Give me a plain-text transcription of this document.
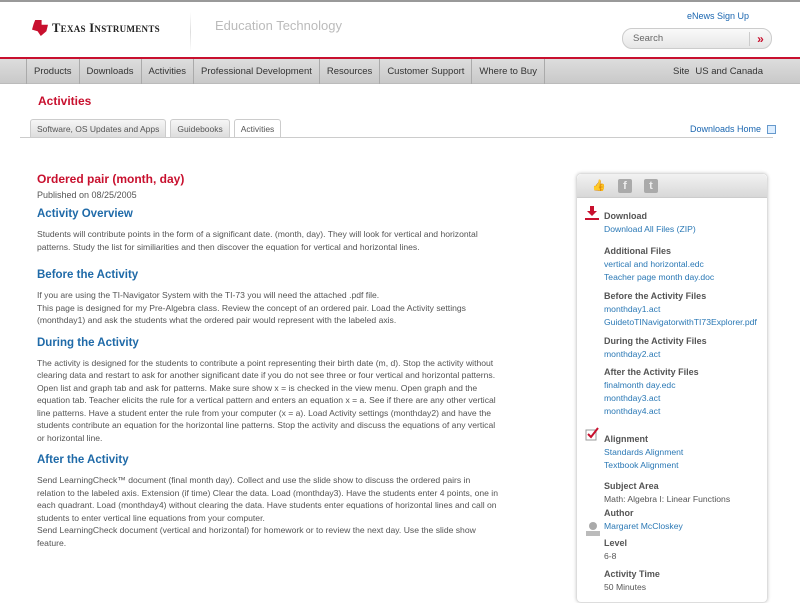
Texas Instruments	Education Technology
eNews Sign Up
Search	»
Products	Downloads	Activities	Professional Development	Resources	Customer Support	Where to Buy	Site US and Canada
Activities
Software, OS Updates and Apps	Guidebooks	Activities	Downloads Home
Ordered pair (month, day)
Published on 08/25/2005
Activity Overview
Students will contribute points in the form of a significant date. (month, day). They will look for vertical and horizontal
patterns. Study the list for similiarities and then discover the equation for vertical and horizontal lines.
Before the Activity
If you are using the TI-Navigator System with the TI-73 you will need the attached .pdf file.
This page is designed for my Pre-Algebra class. Review the concept of an ordered pair. Load the Activity settings
(monthday1) and ask the students what the ordered pair would represent with the labeled axis.
During the Activity
The activity is designed for the students to contribute a point representing their birth date (m, d). Stop the activity without
clearing data and restart to ask for another significant date if you do not see three or four vertical and horizontal patterns.
Open list and graph tab and ask for patterns. Make sure show x = is checked in the view menu. Open graph and the
equation tab. Teacher elicits the rule for a vertical pattern and enters an equation x = a. See if there are any other vertical
line patterns. Have a student enter the rule from your computer (x = a). Load Activity settings (monthday2) and have the
students contribute an equation for the horizontal line patterns. Stop the activity and discuss the equations of any vertical
or horizontal line.
After the Activity
Send LearningCheck™ document (final month day). Collect and use the slide show to discuss the ordered pairs in
relation to the labeled axis. Extension (if time) Clear the data. Load (monthday3). Have the students enter 4 points, one in
each quadrant. Load (monthday4) without clearing the data. Have students enter equations of horizontal lines and call on
students to enter vertical line equations from your computer.
Send LearningCheck document (vertical and horizontal) for homework or to review the next day. Use the slide show
feature.
👍	f	t
Download
Download All Files (ZIP)
Additional Files
vertical and horizontal.edc
Teacher page month day.doc
Before the Activity Files
monthday1.act
GuidetoTINavigatorwithTI73Explorer.pdf
During the Activity Files
monthday2.act
After the Activity Files
finalmonth day.edc
monthday3.act
monthday4.act
Alignment
Standards Alignment
Textbook Alignment
Subject Area
Math: Algebra I: Linear Functions
Author
Margaret McCloskey
Level
6-8
Activity Time
50 Minutes
